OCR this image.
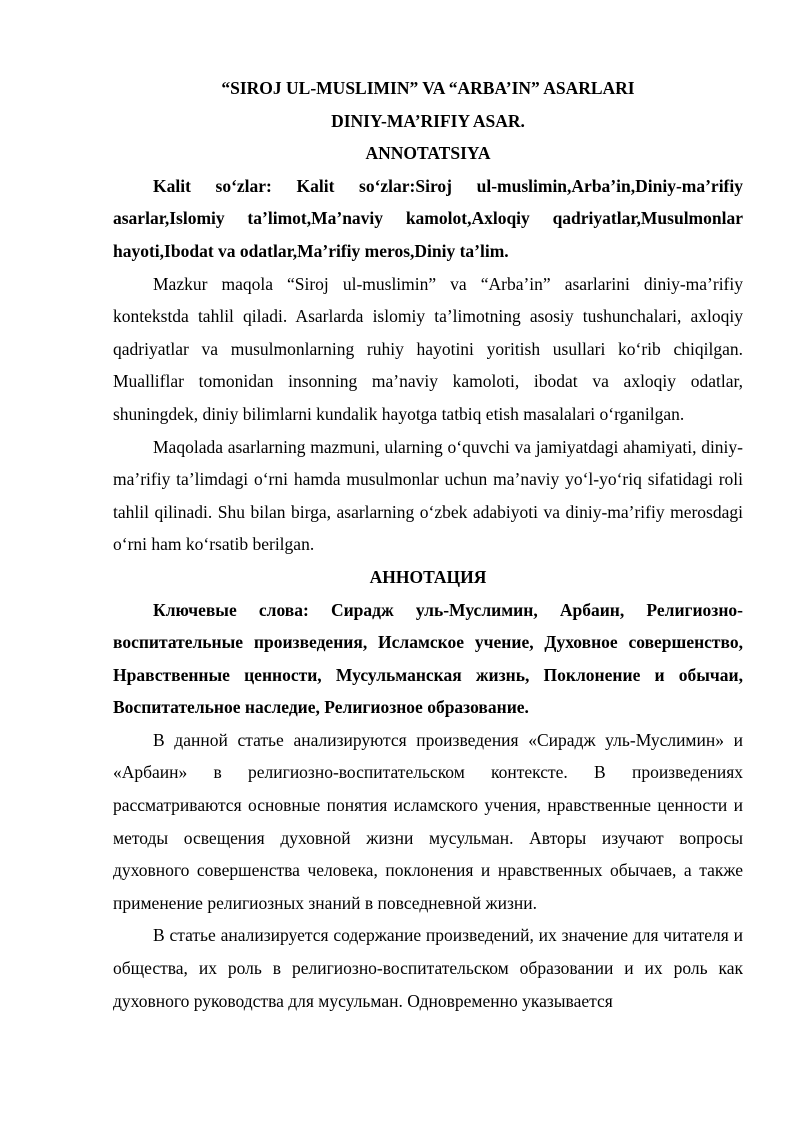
“SIROJ UL-MUSLIMIN” VA “ARBA’IN” ASARLARI

DINIY-MA’RIFIY ASAR.

ANNOTATSIYA

Kalit so‘zlar: Kalit so‘zlar:Siroj ul-muslimin,Arba’in,Diniy-ma’rifiy asarlar,Islomiy ta’limot,Ma’naviy kamolot,Axloqiy qadriyatlar,Musulmonlar hayoti,Ibodat va odatlar,Ma’rifiy meros,Diniy ta’lim.

Mazkur maqola “Siroj ul-muslimin” va “Arba’in” asarlarini diniy-ma’rifiy kontekstda tahlil qiladi. Asarlarda islomiy ta’limotning asosiy tushunchalari, axloqiy qadriyatlar va musulmonlarning ruhiy hayotini yoritish usullari ko‘rib chiqilgan. Mualliflar tomonidan insonning ma’naviy kamoloti, ibodat va axloqiy odatlar, shuningdek, diniy bilimlarni kundalik hayotga tatbiq etish masalalari o‘rganilgan.

Maqolada asarlarning mazmuni, ularning o‘quvchi va jamiyatdagi ahamiyati, diniy-ma’rifiy ta’limdagi o‘rni hamda musulmonlar uchun ma’naviy yo‘l-yo‘riq sifatidagi roli tahlil qilinadi. Shu bilan birga, asarlarning o‘zbek adabiyoti va diniy-ma’rifiy merosdagi o‘rni ham ko‘rsatib berilgan.

АННОТАЦИЯ

Ключевые слова: Сирадж уль-Муслимин, Арбаин, Религиозно-воспитательные произведения, Исламское учение, Духовное совершенство, Нравственные ценности, Мусульманская жизнь, Поклонение и обычаи, Воспитательное наследие, Религиозное образование.

В данной статье анализируются произведения «Сирадж уль-Муслимин» и «Арбаин» в религиозно-воспитательском контексте. В произведениях рассматриваются основные понятия исламского учения, нравственные ценности и методы освещения духовной жизни мусульман. Авторы изучают вопросы духовного совершенства человека, поклонения и нравственных обычаев, а также применение религиозных знаний в повседневной жизни.

В статье анализируется содержание произведений, их значение для читателя и общества, их роль в религиозно-воспитательском образовании и их роль как духовного руководства для мусульман. Одновременно указывается
